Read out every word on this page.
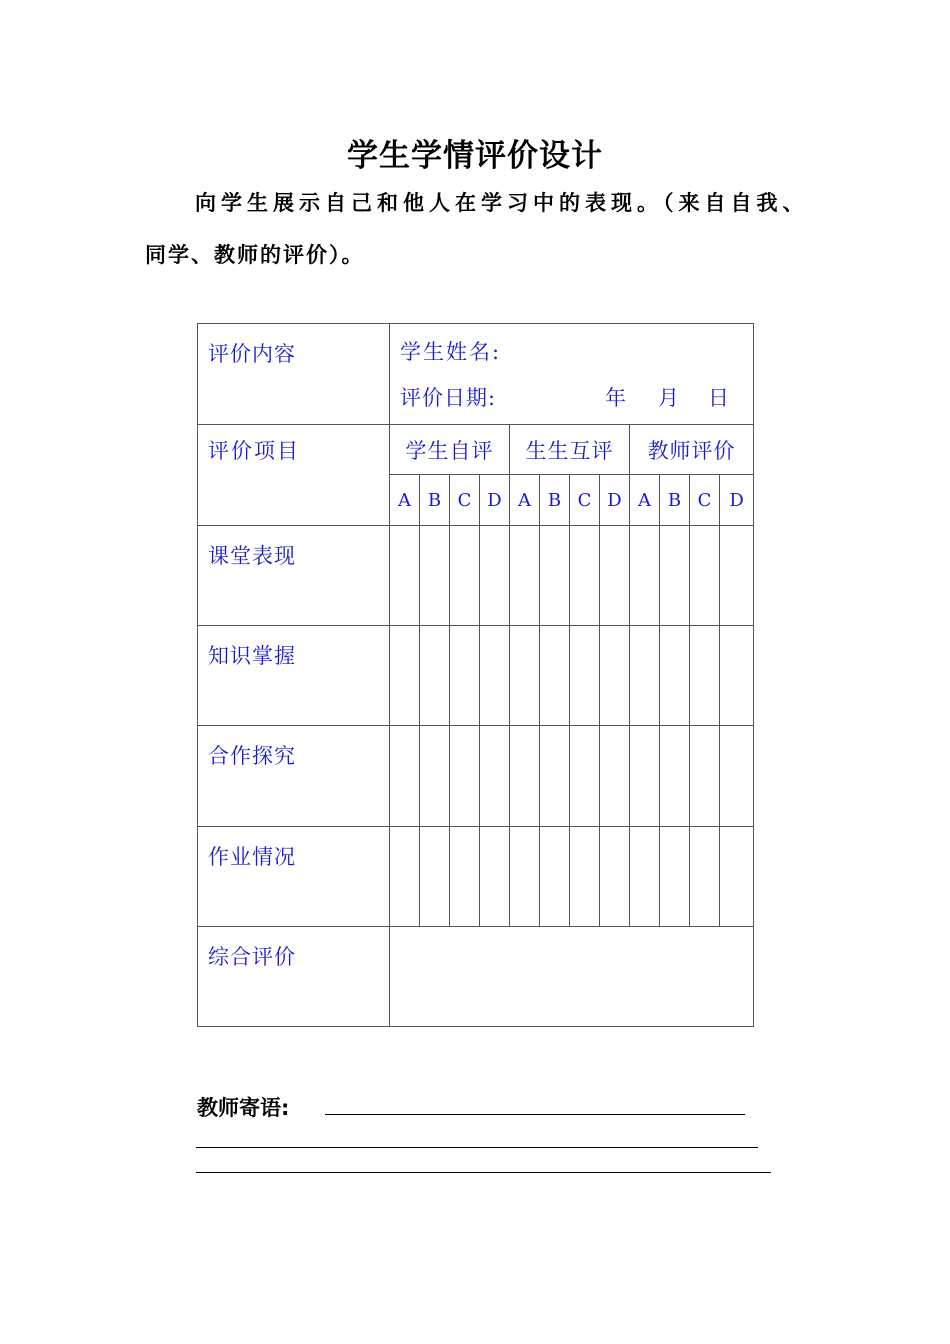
学生学情评价设计
向学生展示自己和他人在学习中的表现。（来自自我、
同学、教师的评价）。
评价内容	学生姓名:
评价日期: 年 月 日											

评价项目	学生自评				生生互评				教师评价			
	A	B	C	D	A	B	C	D	A	B	C	D
课堂表现												
知识掌握												
合作探究												
作业情况												
综合评价												
教师寄语:
